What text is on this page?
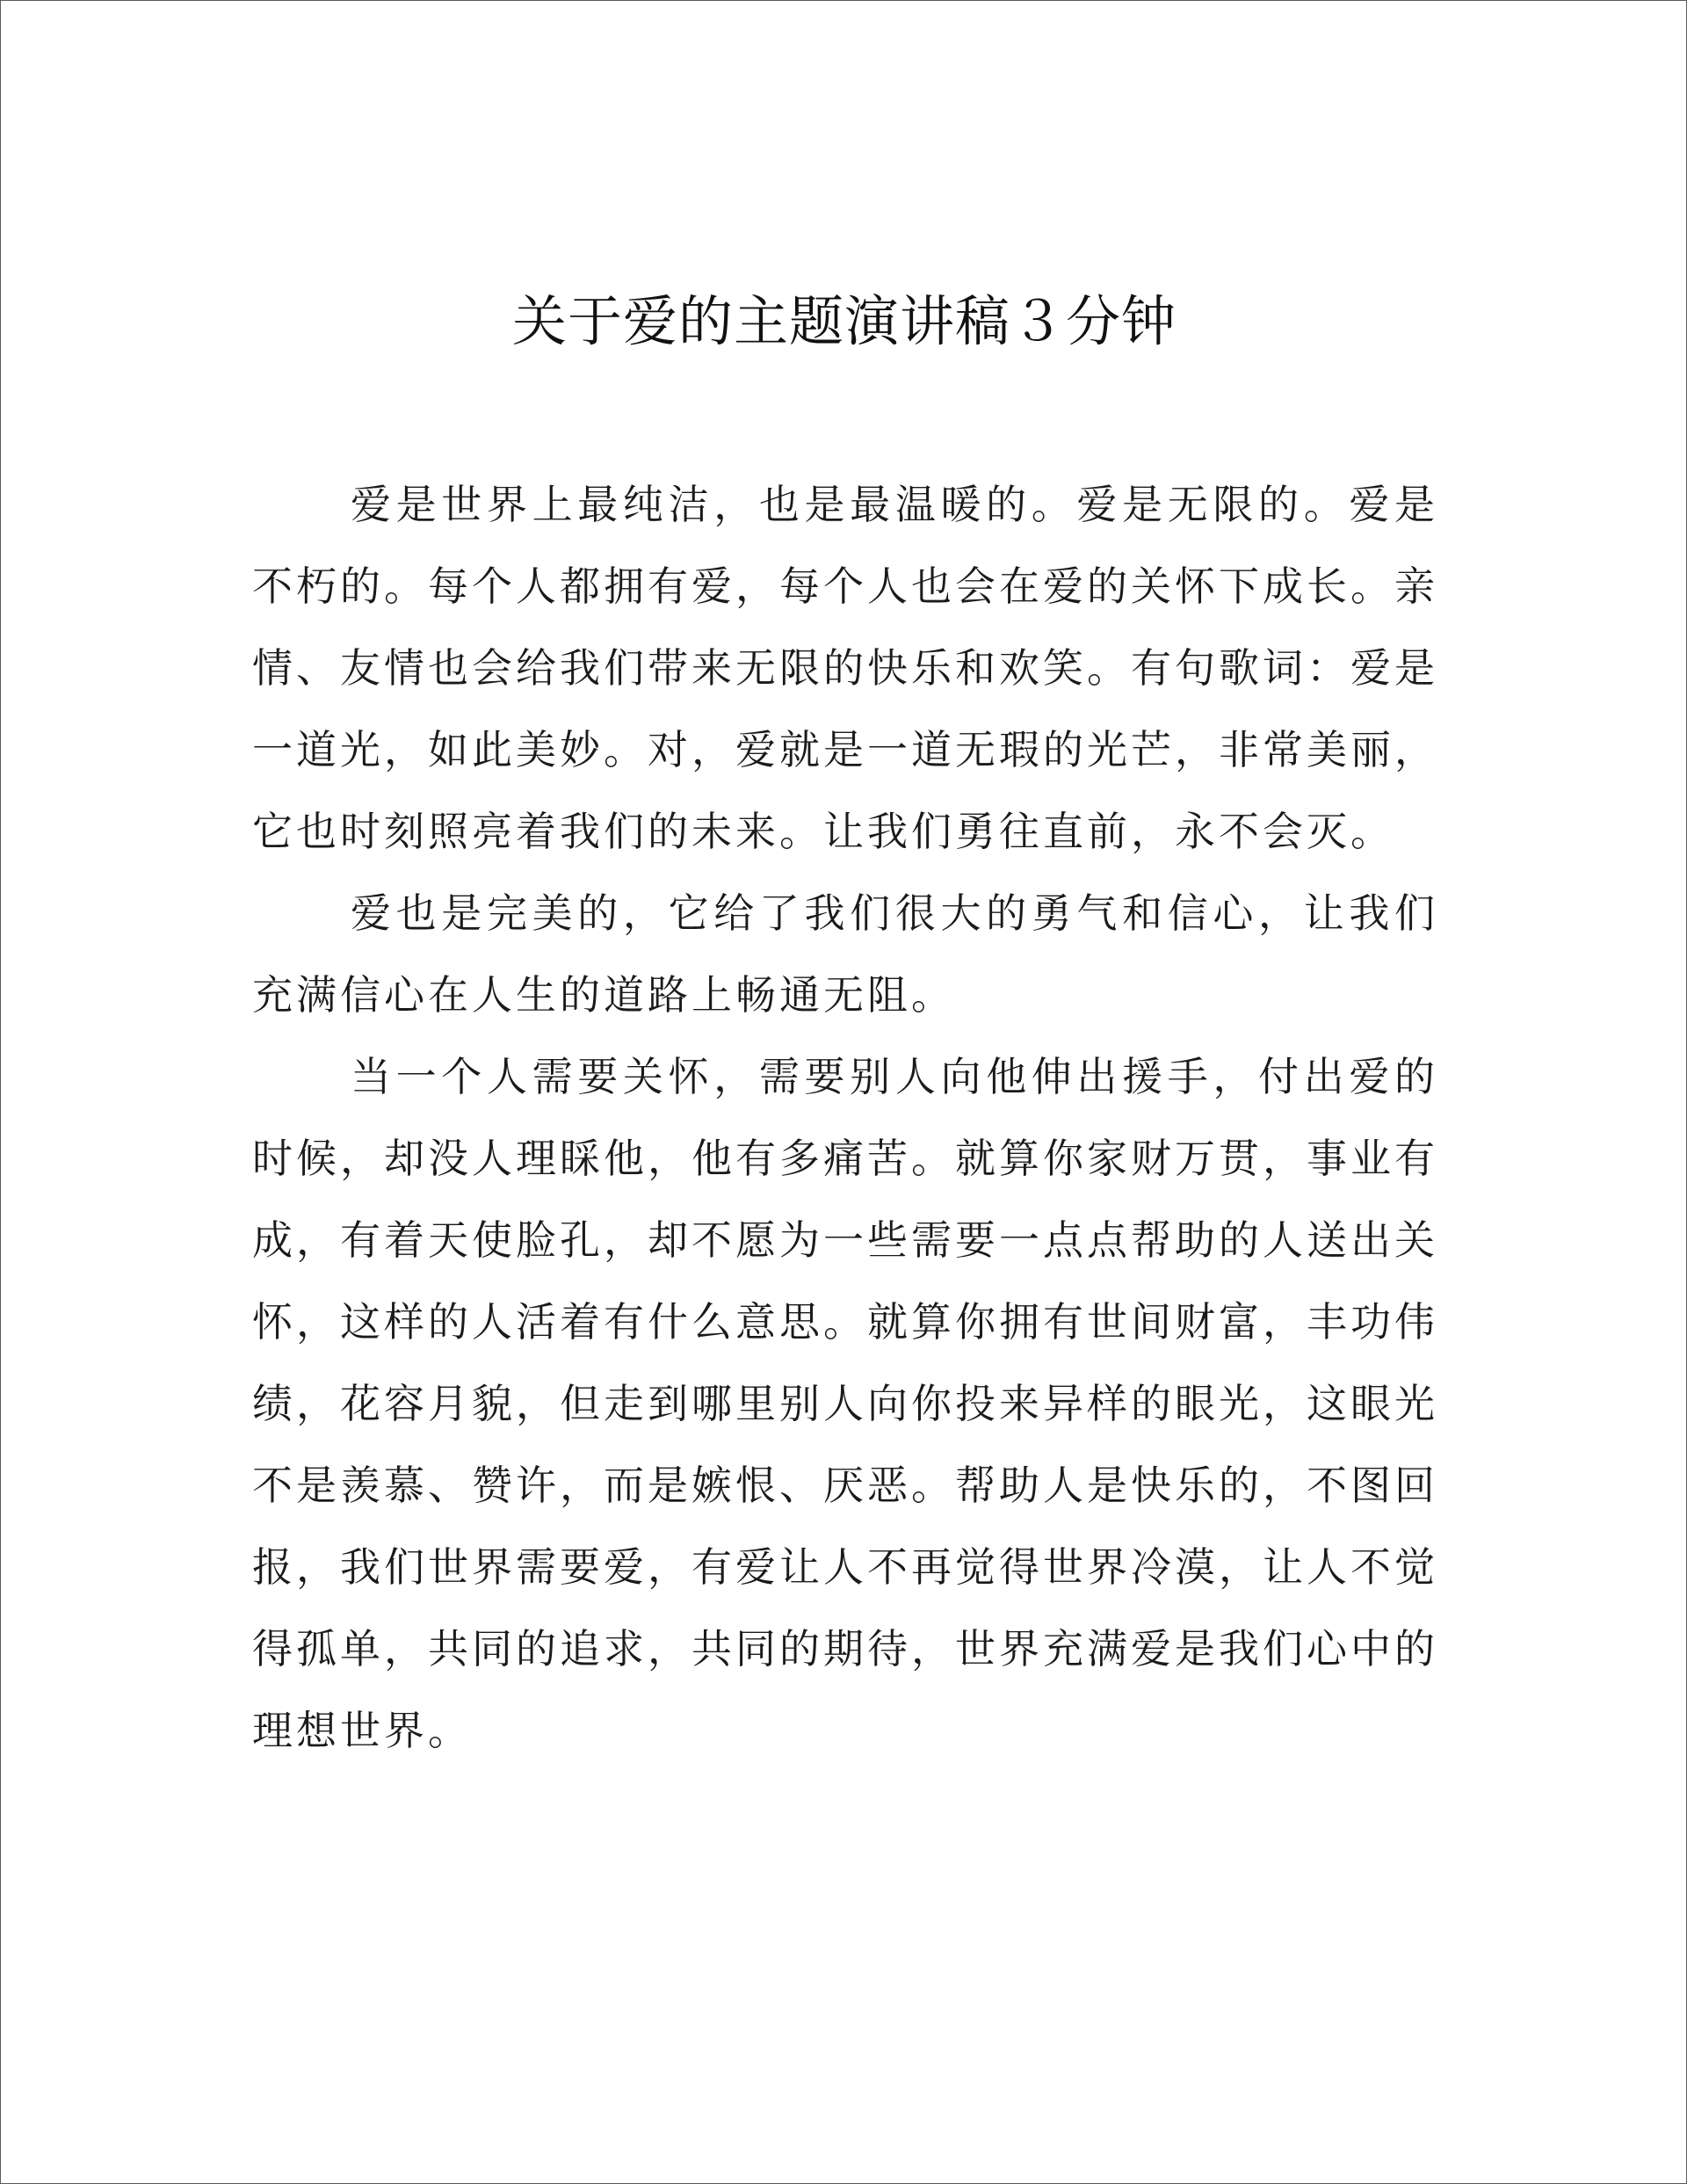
关于爱的主题演讲稿３分钟

爱是世界上最纯洁，也是最温暖的。爱是无限的。爱是不朽的。每个人都拥有爱，每个人也会在爱的关怀下成长。亲情、友情也会给我们带来无限的快乐和欢笑。有句歌词：爱是一道光，如此美妙。对，爱就是一道无瑕的光芒，非常美丽，它也时刻照亮着我们的未来。让我们勇往直前，永不会灭。

爱也是完美的，它给了我们很大的勇气和信心，让我们充满信心在人生的道路上畅通无阻。

当一个人需要关怀，需要别人向他伸出援手，付出爱的时候，却没人理睬他，他有多痛苦。就算你家财万贯，事业有成，有着天使脸孔，却不愿为一些需要一点点帮助的人送出关怀，这样的人活着有什么意思。就算你拥有世间财富，丰功伟绩，花容月貌，但走到哪里别人向你投来异样的眼光，这眼光不是羡慕、赞许，而是嫉恨、厌恶。帮助人是快乐的，不图回报，我们世界需要爱，有爱让人不再觉得世界冷漠，让人不觉得孤单，共同的追求，共同的期待，世界充满爱是我们心中的理想世界。
